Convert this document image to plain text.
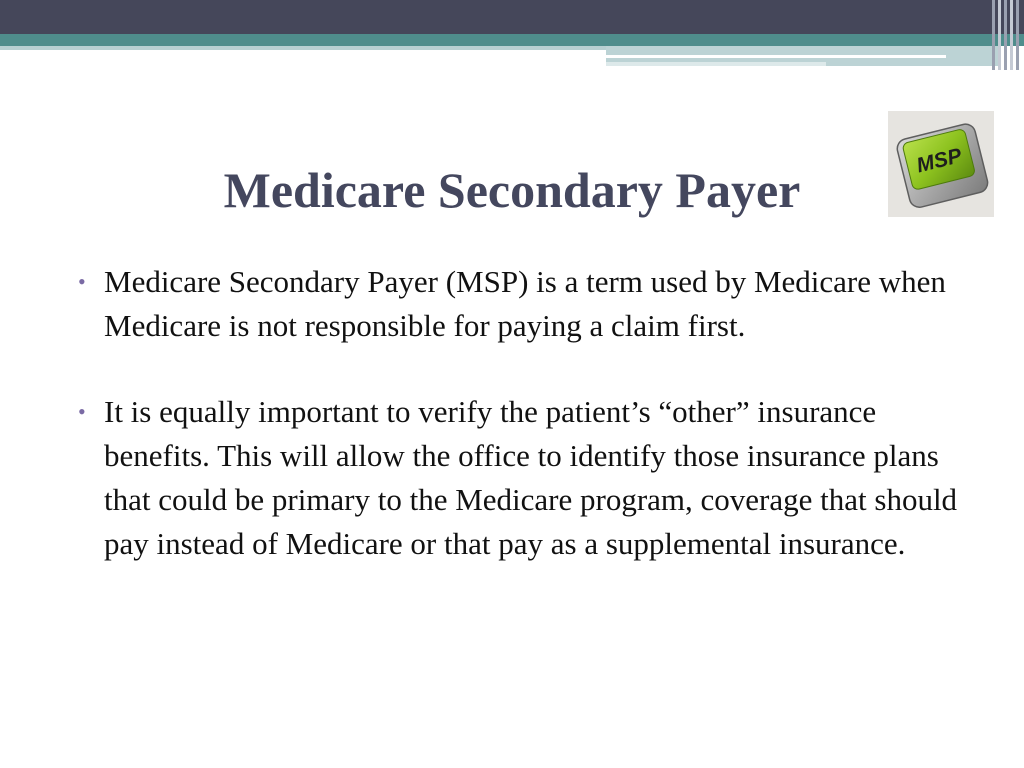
Medicare Secondary Payer
MSP
• Medicare Secondary Payer (MSP) is a term used by Medicare when Medicare is not responsible for paying a claim first.
• It is equally important to verify the patient’s “other” insurance benefits. This will allow the office to identify those insurance plans that could be primary to the Medicare program, coverage that should pay instead of Medicare or that pay as a supplemental insurance.
